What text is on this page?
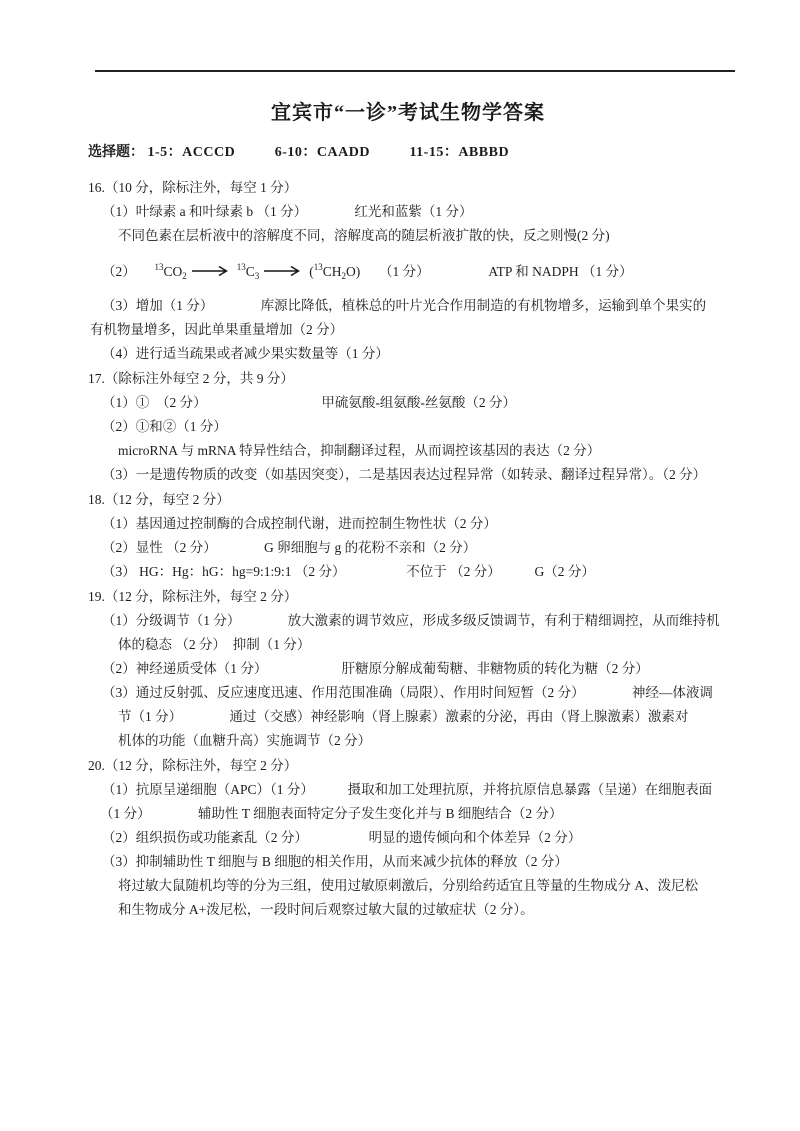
宜宾市“一诊”考试生物学答案
选择题： 1-5：ACCCD	6-10：CAADD	11-15：ABBBD
16.（10 分，除标注外，每空 1 分）
（1）叶绿素 a 和叶绿素 b （1 分）　　　　红光和蓝紫（1 分）
不同色素在层析液中的溶解度不同，溶解度高的随层析液扩散的快，反之则慢(2 分)
（2） $^{13}CO_2^{13}C_3$	$(^{13}CH_2O)$ （1 分）	ATP 和 NADPH （1 分）
（3）增加（1 分）　　　　库源比降低，植株总的叶片光合作用制造的有机物增多，运输到单个果实的
有机物量增多，因此单果重量增加（2 分）
（4）进行适当疏果或者减少果实数量等（1 分）
17.（除标注外每空 2 分，共 9 分）
（1）①　（2 分）　　　　　　　　　甲硫氨酸-组氨酸-丝氨酸（2 分）
（2）①和②（1 分）
microRNA 与 mRNA 特异性结合，抑制翻译过程，从而调控该基因的表达（2 分）
（3）一是遗传物质的改变（如基因突变），二是基因表达过程异常（如转录、翻译过程异常）。（2 分）
18.（12 分，每空 2 分）
（1）基因通过控制酶的合成控制代谢，进而控制生物性状（2 分）
（2）显性 （2 分）　　　　G 卵细胞与 g 的花粉不亲和（2 分）
（3） HG：Hg：hG：hg=9:1:9:1 （2 分）　　　　　不位于 （2 分）　　　G（2 分）
19.（12 分，除标注外，每空 2 分）
（1）分级调节（1 分）　　　　放大激素的调节效应，形成多级反馈调节，有利于精细调控，从而维持机
体的稳态 （2 分）　抑制（1 分）
（2）神经递质受体（1 分）　　　　　　肝糖原分解成葡萄糖、非糖物质的转化为糖（2 分）
（3）通过反射弧、反应速度迅速、作用范围准确（局限）、作用时间短暂（2 分）　　　　神经—体液调
节（1 分）　　　　通过（交感）神经影响（肾上腺素）激素的分泌，再由（肾上腺激素）激素对
机体的功能（血糖升高）实施调节（2 分）
20.（12 分，除标注外，每空 2 分）
（1）抗原呈递细胞（APC）（1 分）　　　摄取和加工处理抗原，并将抗原信息暴露（呈递）在细胞表面
（1 分）　　　　辅助性 T 细胞表面特定分子发生变化并与 B 细胞结合（2 分）
（2）组织损伤或功能紊乱（2 分）　　　　　明显的遗传倾向和个体差异（2 分）
（3）抑制辅助性 T 细胞与 B 细胞的相关作用，从而来减少抗体的释放（2 分）
将过敏大鼠随机均等的分为三组，使用过敏原刺激后，分别给药适宜且等量的生物成分 A、泼尼松
和生物成分 A+泼尼松，一段时间后观察过敏大鼠的过敏症状（2 分）。
